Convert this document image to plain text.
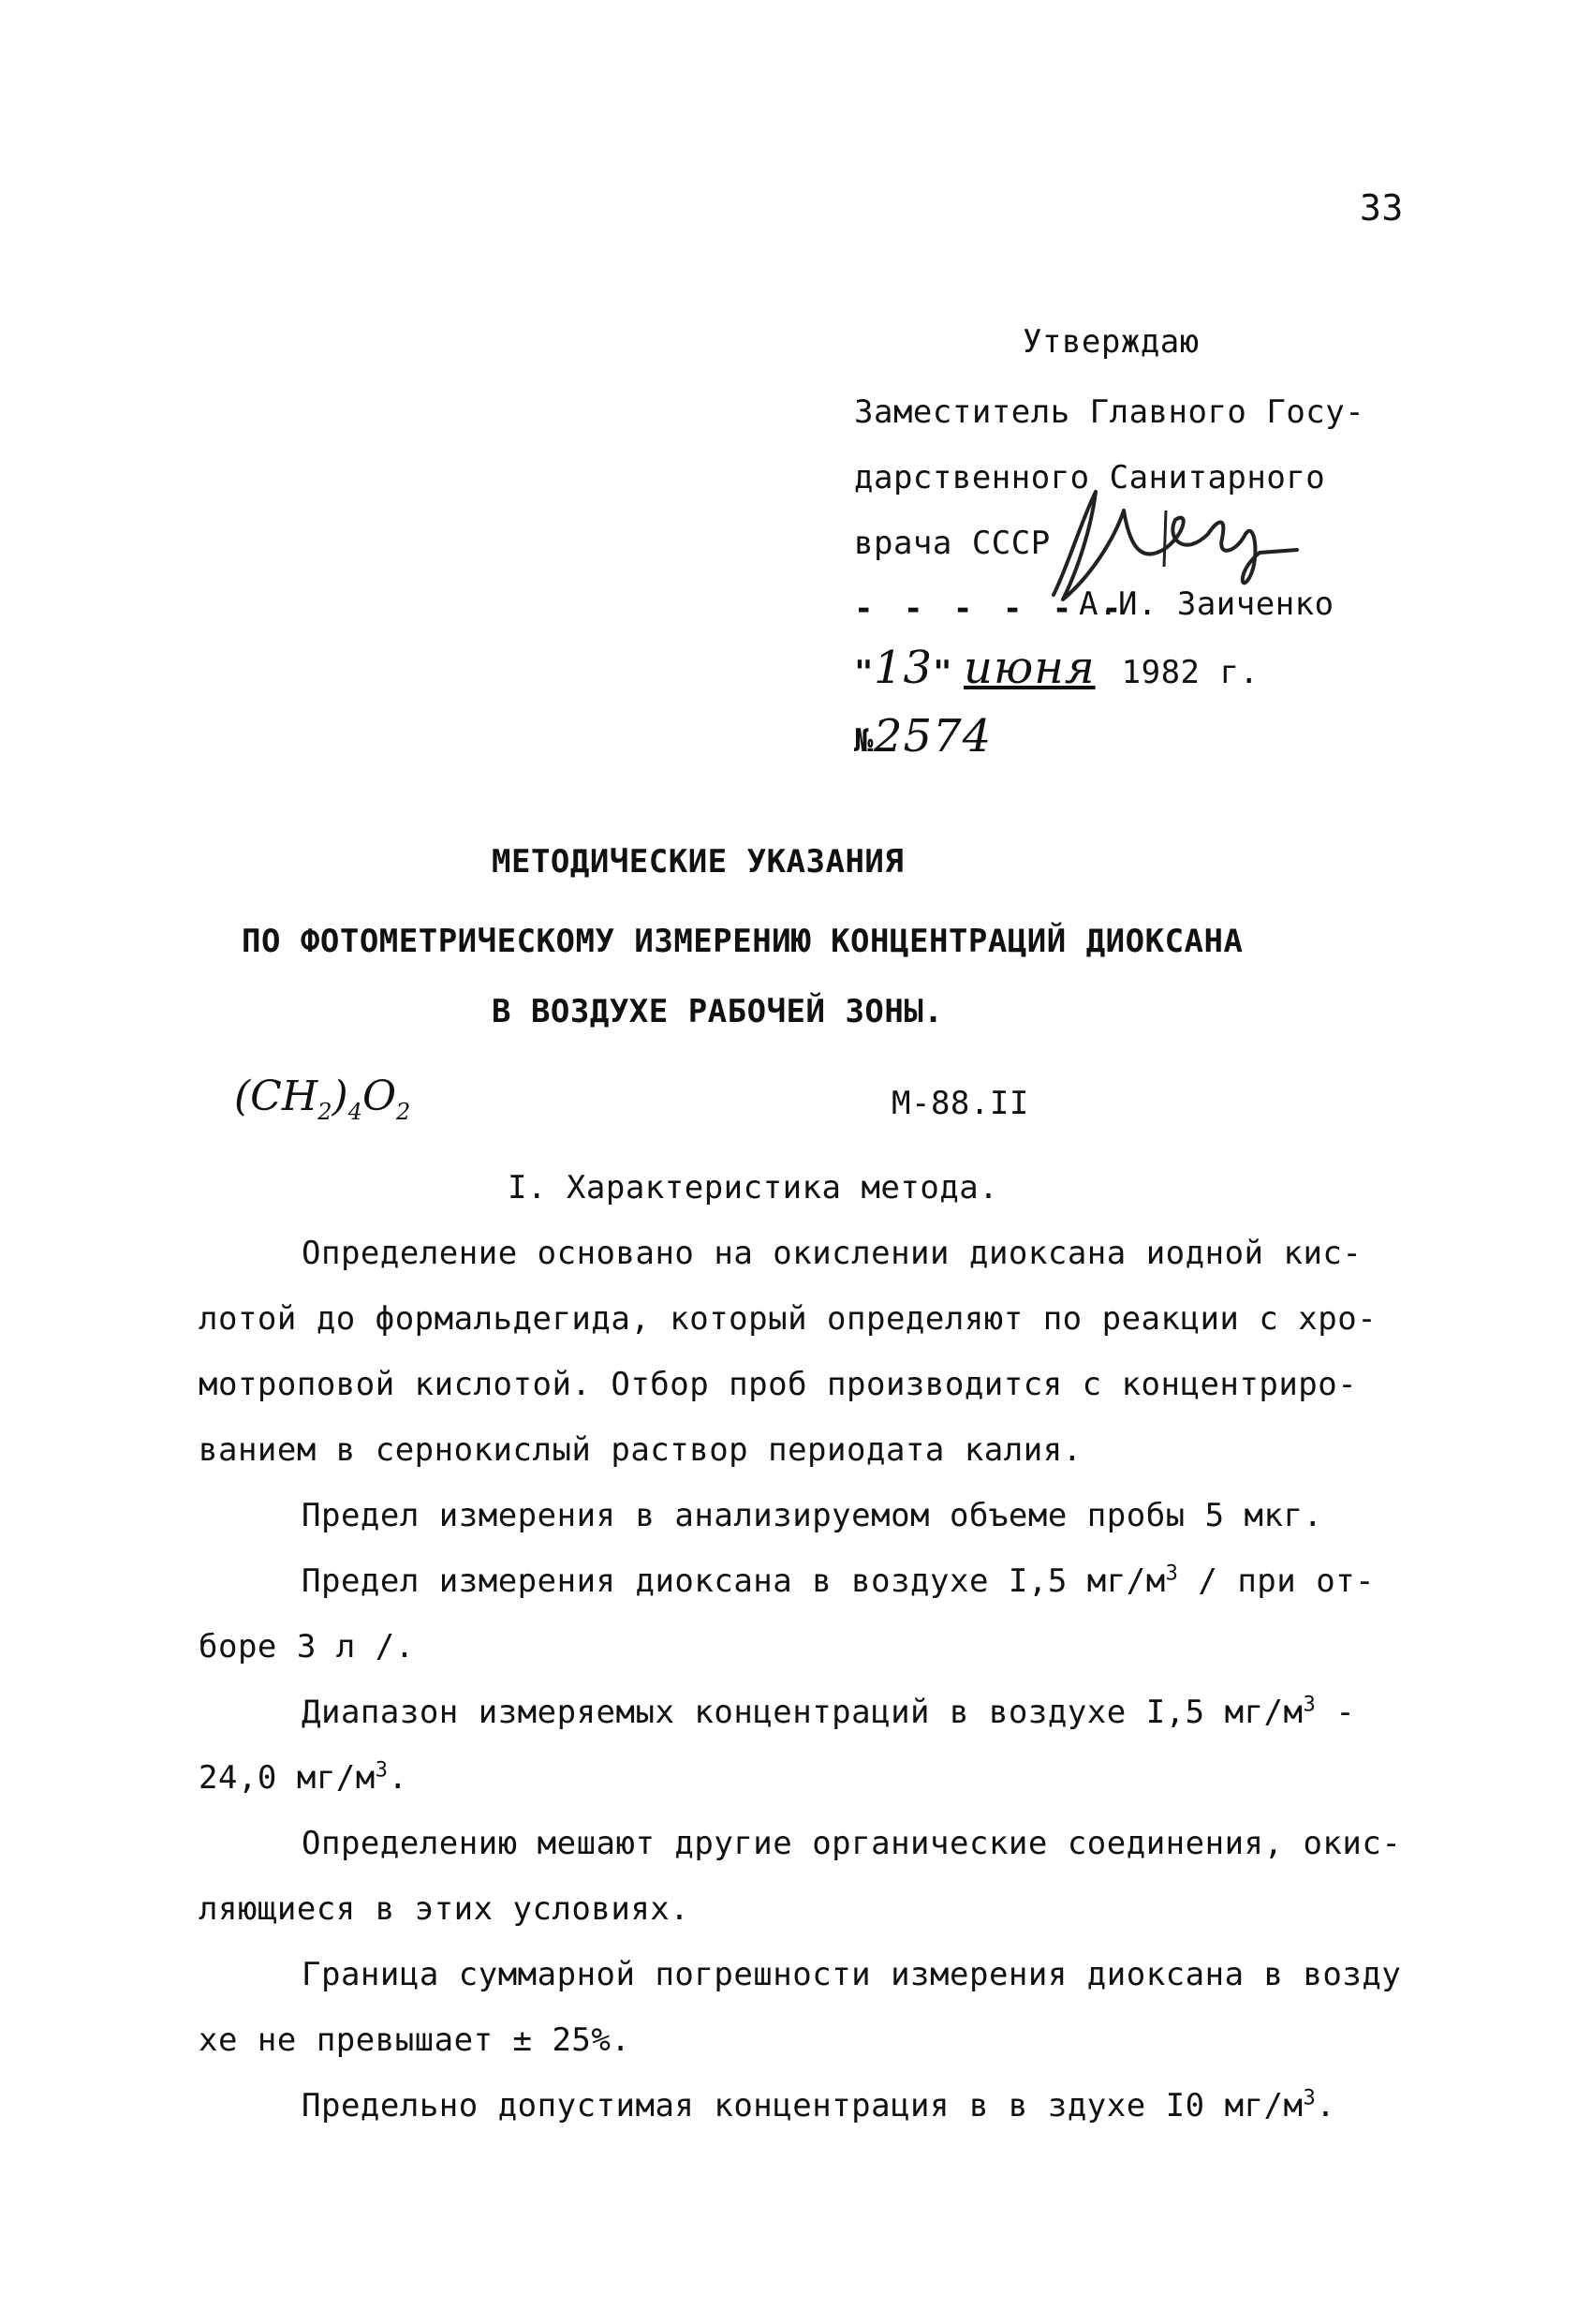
33
Утверждаю
Заместитель Главного Госу-
дарственного Санитарного
врача СССР
- - - - - -
А.И. Заиченко
"13" июня 1982 г.
№2574
МЕТОДИЧЕСКИЕ УКАЗАНИЯ
ПО ФОТОМЕТРИЧЕСКОМУ ИЗМЕРЕНИЮ КОНЦЕНТРАЦИЙ ДИОКСАНА
В ВОЗДУХЕ РАБОЧЕЙ ЗОНЫ.
$(CH_2)_4O_2$	М-88.II
I. Характеристика метода.
Определение основано на окислении диоксана иодной кис-
лотой до формальдегида, который определяют по реакции с хро-
мотроповой кислотой. Отбор проб производится с концентриро-
ванием в сернокислый раствор периодата калия.
Предел измерения в анализируемом объеме пробы 5 мкг.
Предел измерения диоксана в воздухе I,5 $мг/м^3$ / при от-
боре 3 л /.
Диапазон измеряемых концентраций в воздухе I,5 $мг/м^3$ -
24,0 $мг/м^3$.
Определению мешают другие органические соединения, окис-
ляющиеся в этих условиях.
Граница суммарной погрешности измерения диоксана в возду
хе не превышает ± 25%.
Предельно допустимая концентрация в в здухе I0 $мг/м^3$.
